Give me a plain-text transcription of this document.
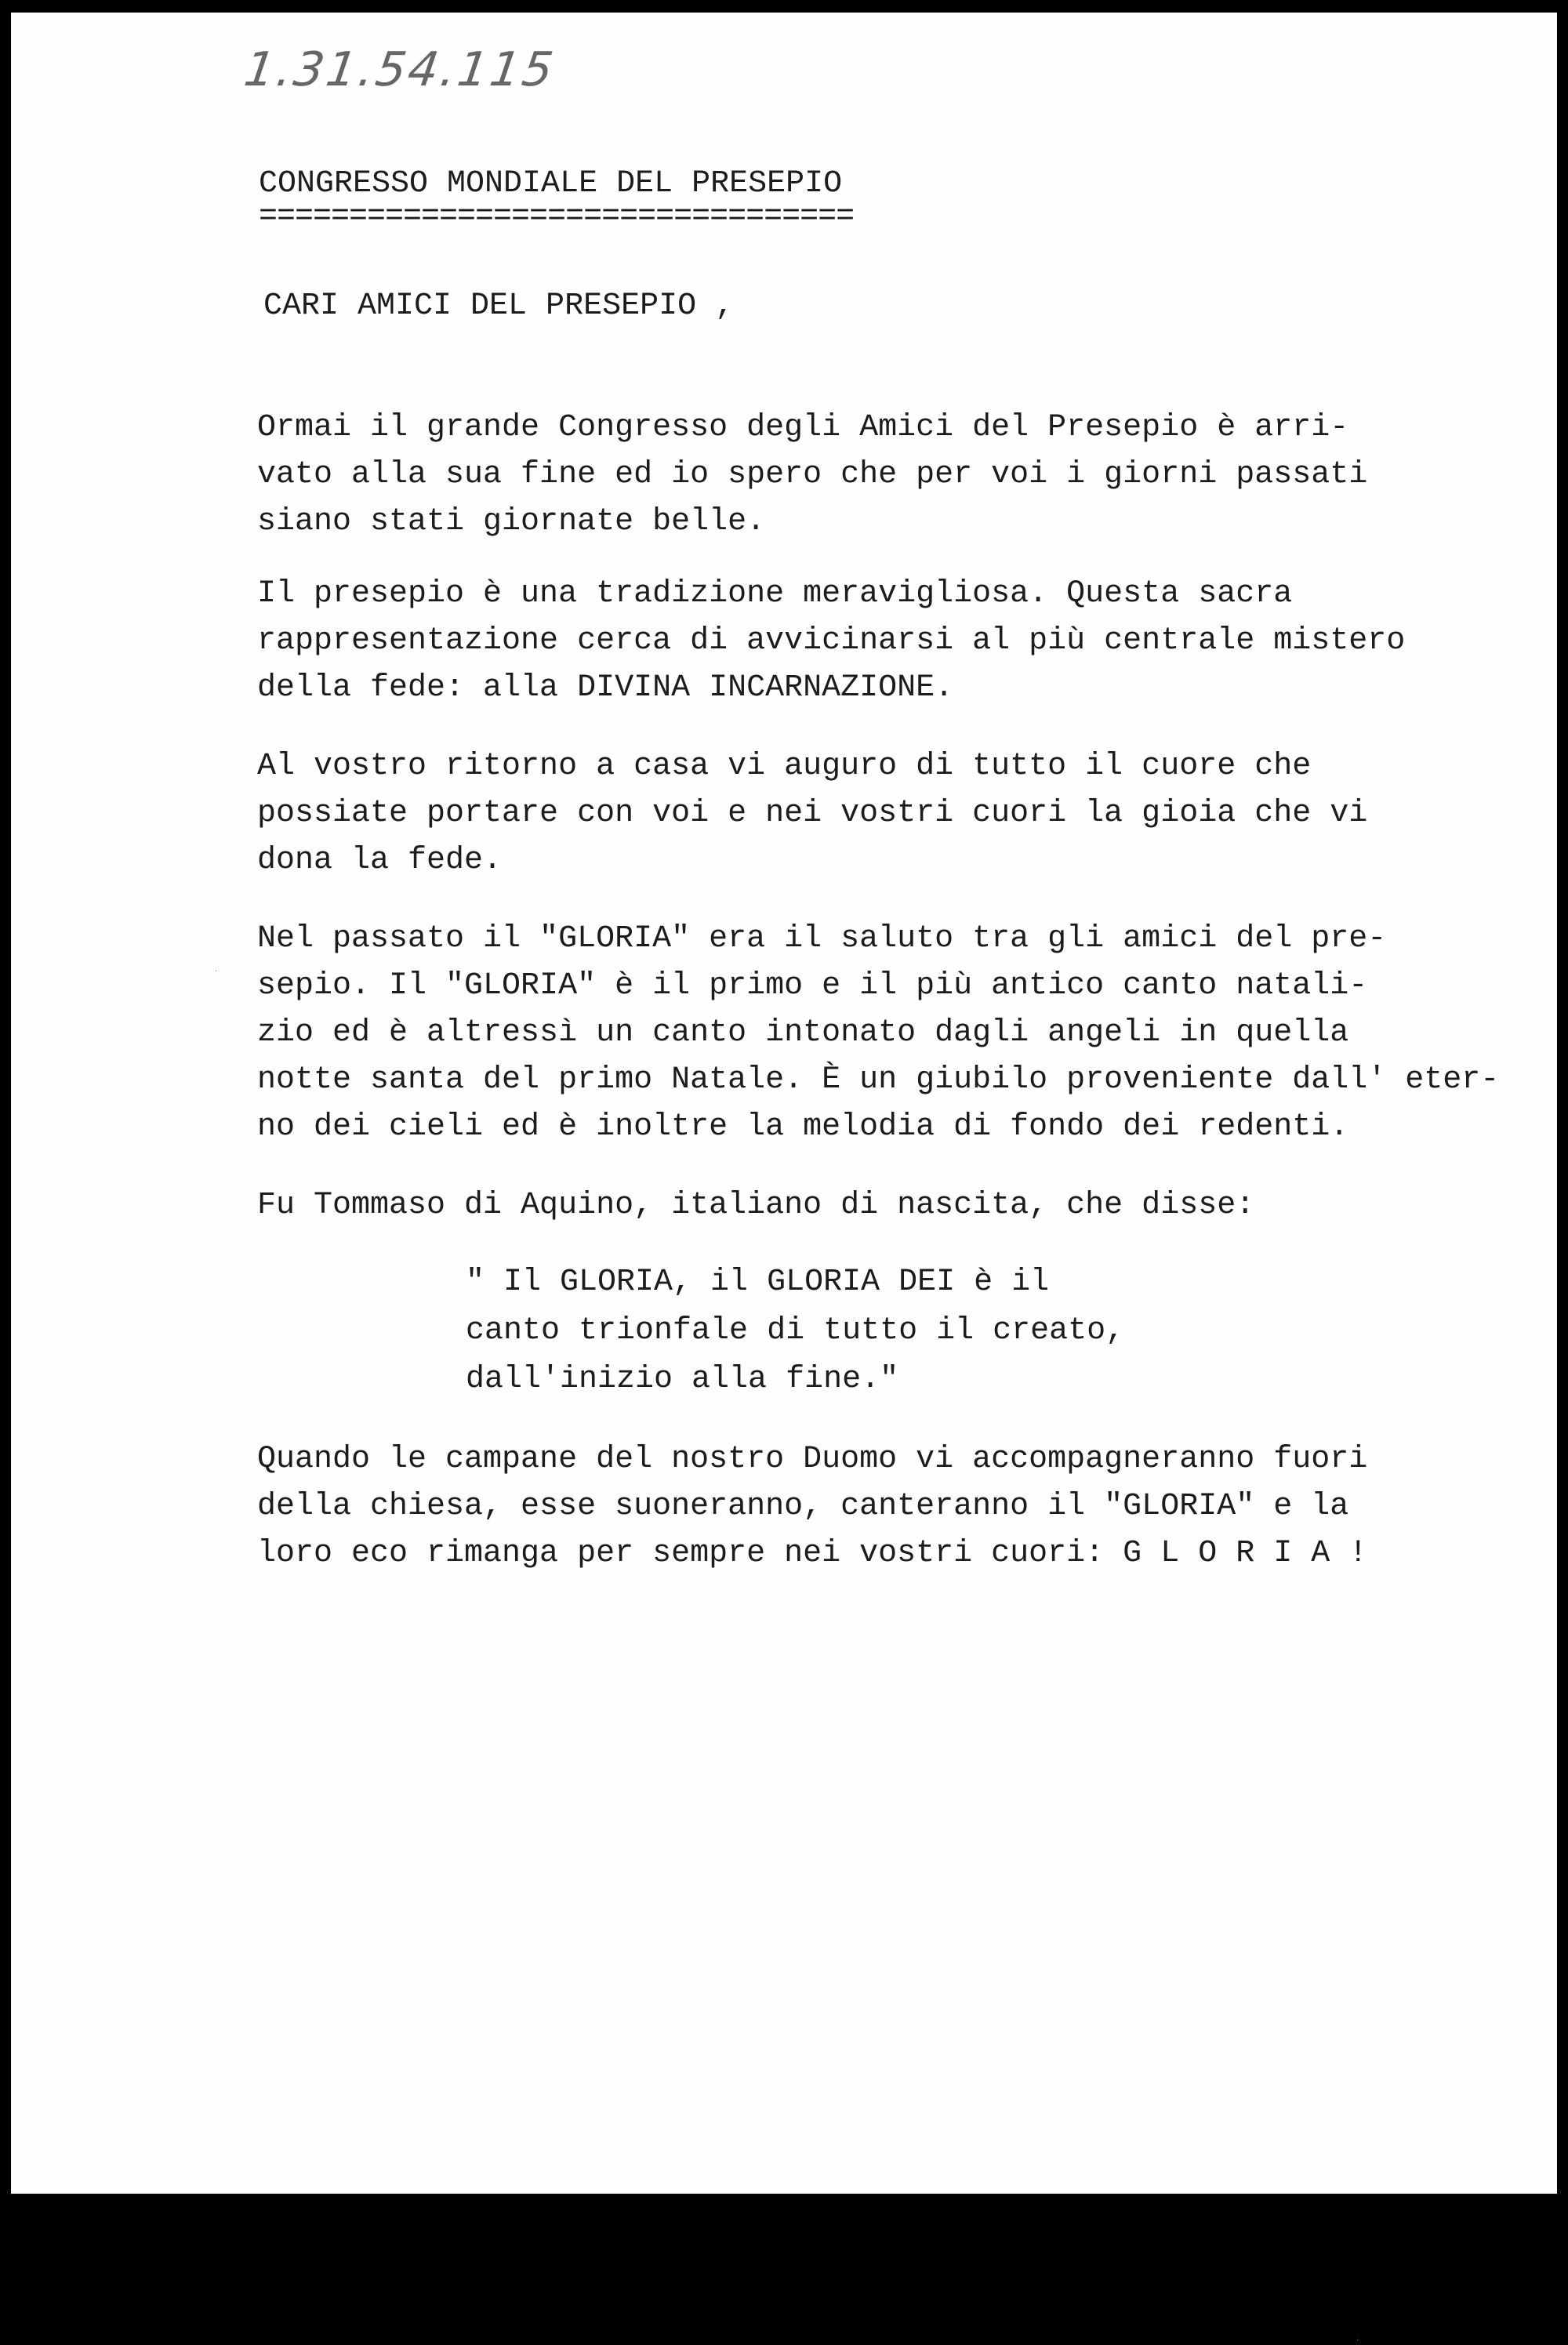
1.31.54.115
CONGRESSO MONDIALE DEL PRESEPIO
=================================
CARI AMICI DEL PRESEPIO ,
Ormai il grande Congresso degli Amici del Presepio è arri-
vato alla sua fine ed io spero che per voi i giorni passati
siano stati giornate belle.
Il presepio è una tradizione meravigliosa. Questa sacra
rappresentazione cerca di avvicinarsi al più centrale mistero
della fede: alla DIVINA INCARNAZIONE.
Al vostro ritorno a casa vi auguro di tutto il cuore che
possiate portare con voi e nei vostri cuori la gioia che vi
dona la fede.
Nel passato il "GLORIA" era il saluto tra gli amici del pre-
sepio. Il "GLORIA" è il primo e il più antico canto natali-
zio ed è altressì un canto intonato dagli angeli in quella
notte santa del primo Natale. È un giubilo proveniente dall' eter-
no dei cieli ed è inoltre la melodia di fondo dei redenti.
Fu Tommaso di Aquino, italiano di nascita, che disse:
" Il GLORIA, il GLORIA DEI è il
canto trionfale di tutto il creato,
dall'inizio alla fine."
Quando le campane del nostro Duomo vi accompagneranno fuori
della chiesa, esse suoneranno, canteranno il "GLORIA" e la
loro eco rimanga per sempre nei vostri cuori: G L O R I A !
·
·
